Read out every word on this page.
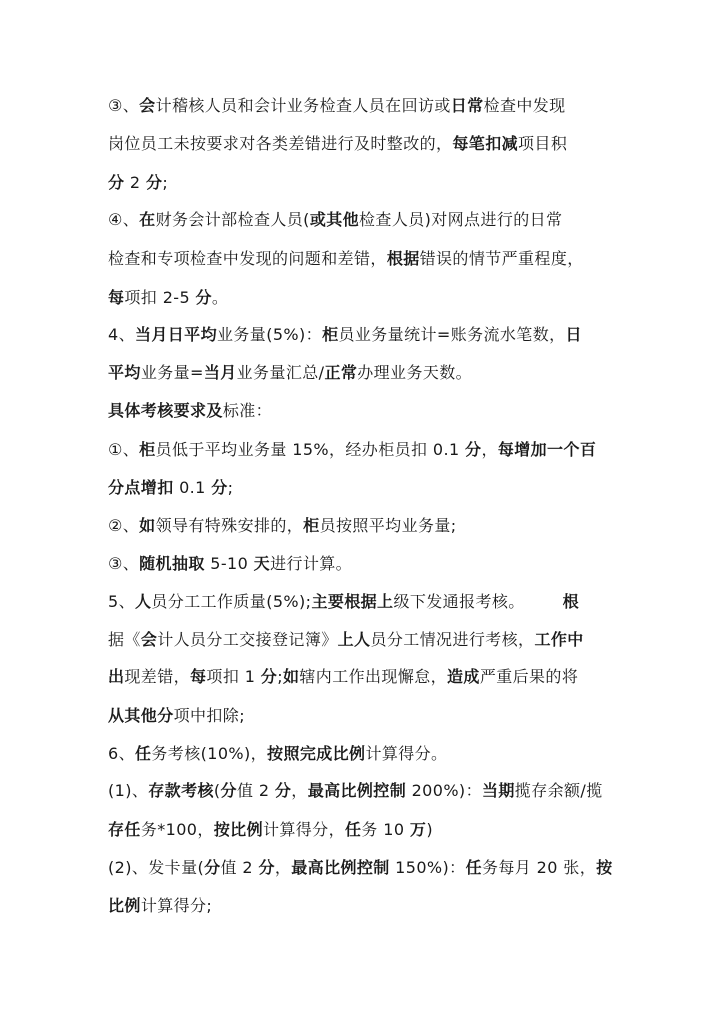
③、会计稽核人员和会计业务检查人员在回访或日常检查中发现
岗位员工未按要求对各类差错进行及时整改的，每笔扣减项目积
分 2 分;
④、在财务会计部检查人员(或其他检查人员)对网点进行的日常
检查和专项检查中发现的问题和差错，根据错误的情节严重程度，
每项扣 2-5 分。
4、当月日平均业务量(5%)：柜员业务量统计=账务流水笔数，日
平均业务量=当月业务量汇总/正常办理业务天数。
具体考核要求及标准：
①、柜员低于平均业务量 15%，经办柜员扣 0.1 分，每增加一个百
分点增扣 0.1 分;
②、如领导有特殊安排的，柜员按照平均业务量;
③、随机抽取 5-10 天进行计算。
5、人员分工工作质量(5%);主要根据上级下发通报考核。 根
据《会计人员分工交接登记簿》上人员分工情况进行考核，工作中
出现差错，每项扣 1 分;如辖内工作出现懈怠，造成严重后果的将
从其他分项中扣除;
6、任务考核(10%)，按照完成比例计算得分。
(1)、存款考核(分值 2 分，最高比例控制 200%)：当期揽存余额/揽
存任务*100，按比例计算得分，任务 10 万)
(2)、发卡量(分值 2 分，最高比例控制 150%)：任务每月 20 张，按
比例计算得分;
